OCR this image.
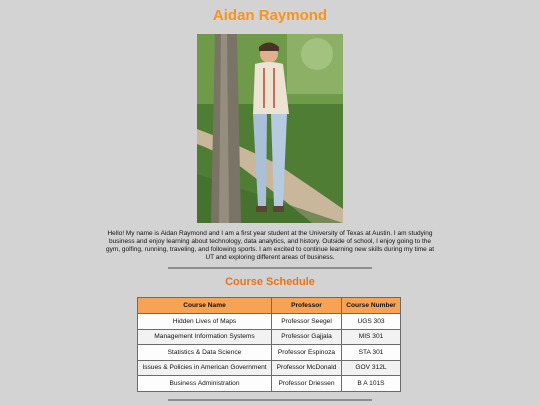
Aidan Raymond

Hello! My name is Aidan Raymond and I am a first year student at the University of Texas at Austin. I am studying business and enjoy learning about technology, data analytics, and history. Outside of school, I enjoy going to the gym, golfing, running, traveling, and following sports. I am excited to continue learning new skills during my time at UT and exploring different areas of business.

Course Schedule
Course Name	Professor	Course Number
Hidden Lives of Maps	Professor Seegel	UGS 303
Management Information Systems	Professor Gajjala	MIS 301
Statistics & Data Science	Professor Espinoza	STA 301
Issues & Policies in American Government	Professor McDonald	GOV 312L
Business Administration	Professor Driessen	B A 101S
